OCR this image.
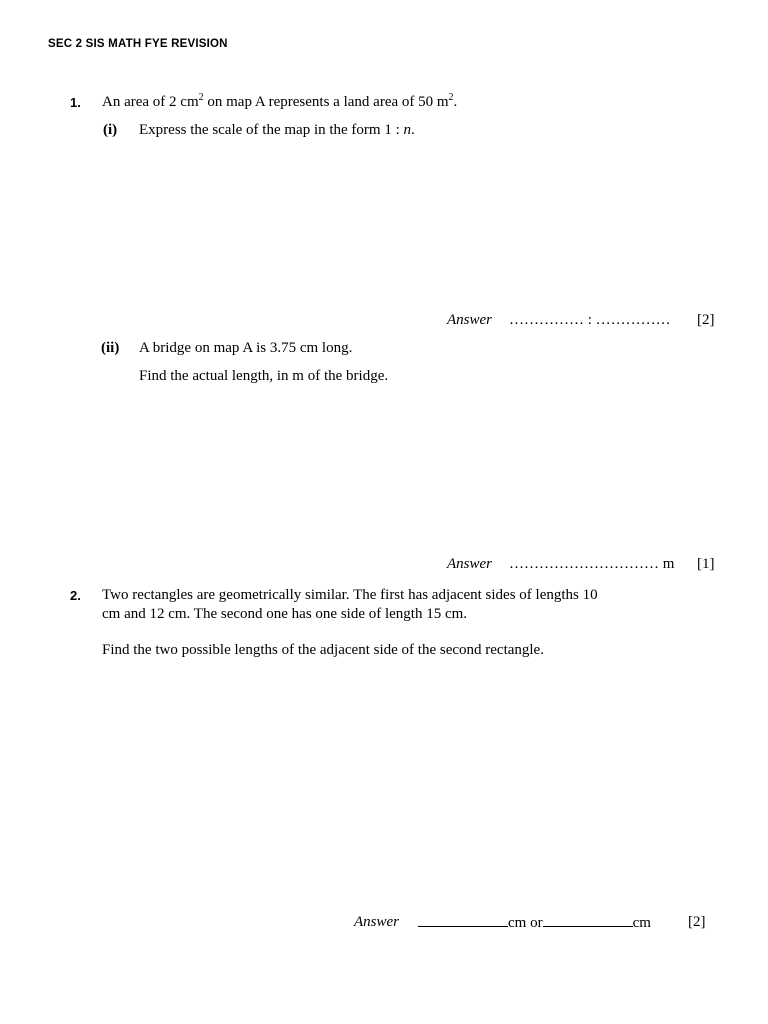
SEC 2 SIS MATH FYE REVISION
1. An area of 2 $cm^2$ on map A represents a land area of 50 $m^2$.
(i) Express the scale of the map in the form 1 : n.
Answer …………… : …………… [2]
(ii) A bridge on map A is 3.75 cm long.
Find the actual length, in m of the bridge.
Answer ………………………… m [1]
2. Two rectangles are geometrically similar. The first has adjacent sides of lengths 10
cm and 12 cm. The second one has one side of length 15 cm.
Find the two possible lengths of the adjacent side of the second rectangle.
Answer	cm or	cm [2]
